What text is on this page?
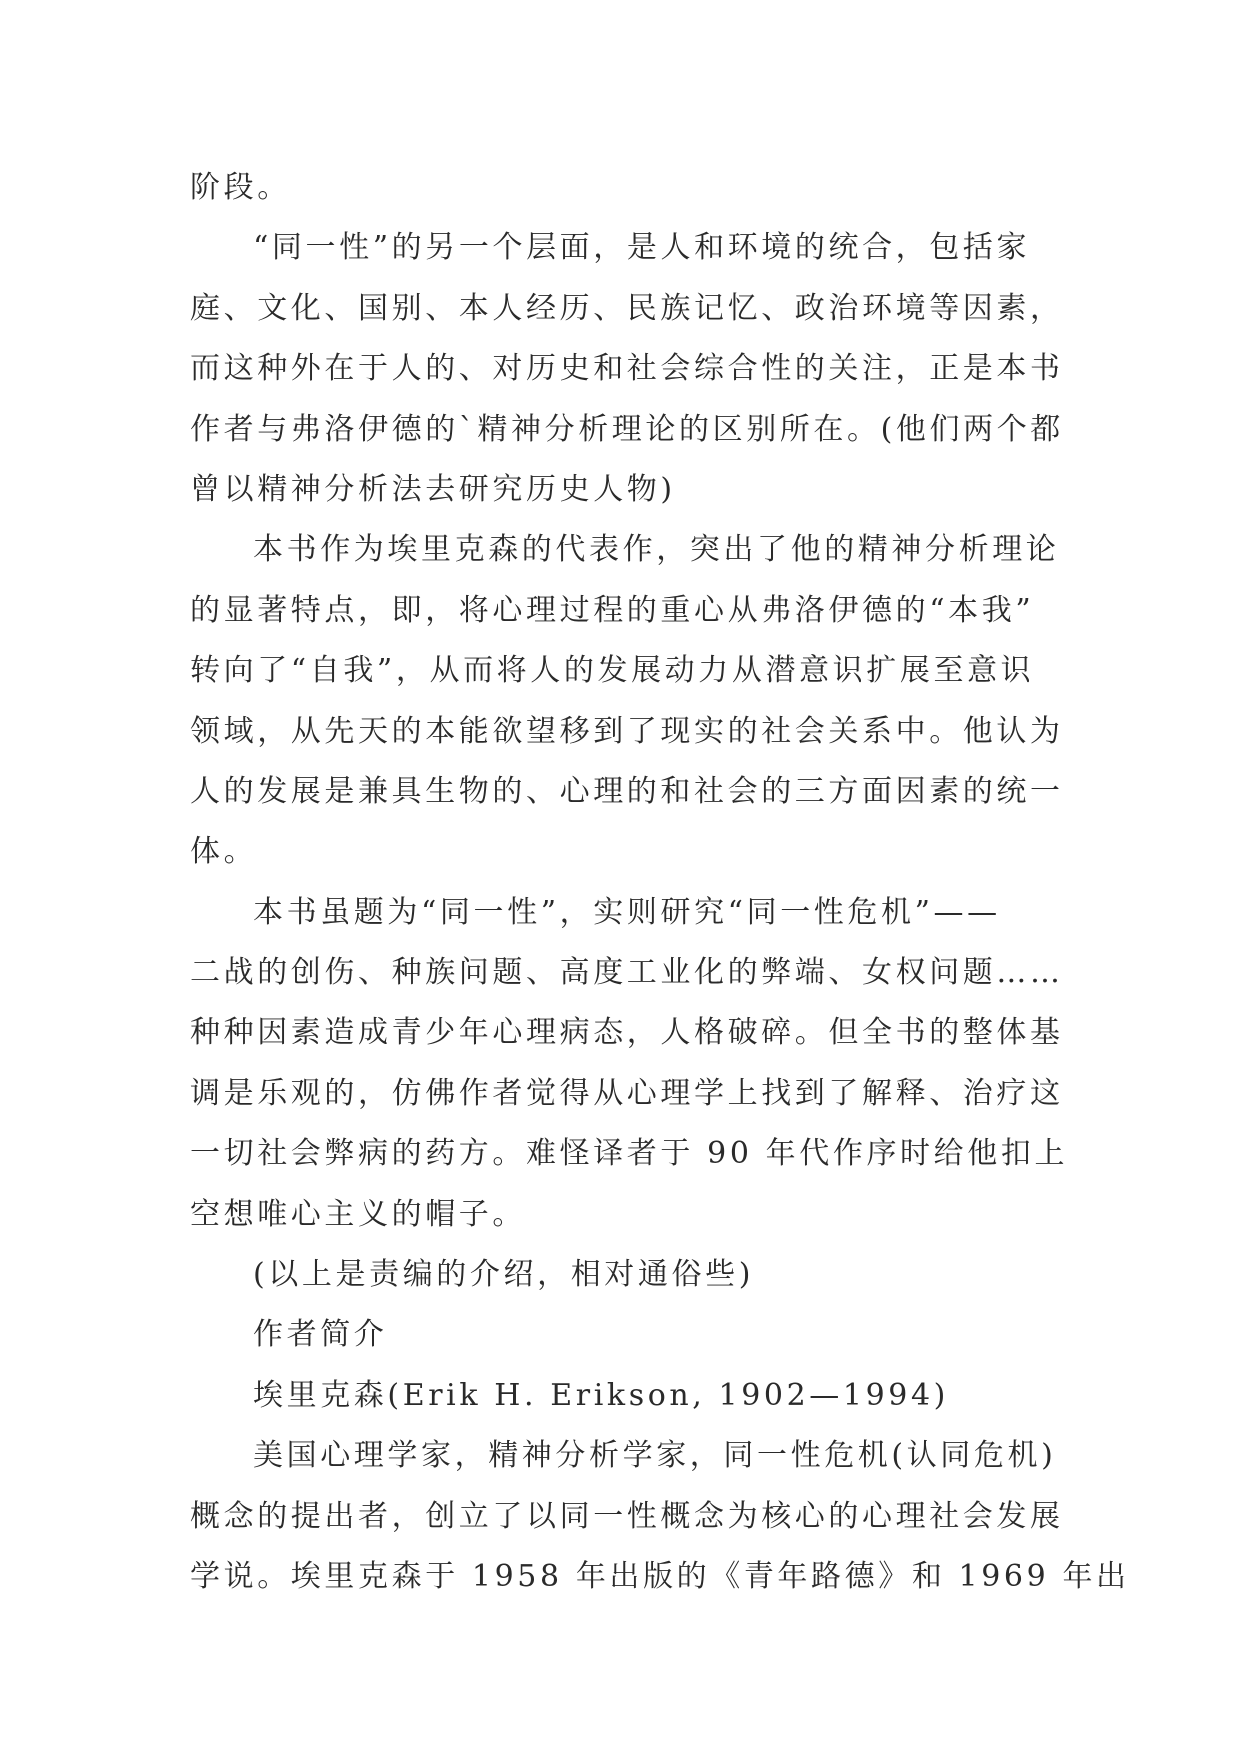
阶段。
“同一性”的另一个层面，是人和环境的统合，包括家
庭、文化、国别、本人经历、民族记忆、政治环境等因素，
而这种外在于人的、对历史和社会综合性的关注，正是本书
作者与弗洛伊德的`精神分析理论的区别所在。(他们两个都
曾以精神分析法去研究历史人物)
本书作为埃里克森的代表作，突出了他的精神分析理论
的显著特点，即，将心理过程的重心从弗洛伊德的“本我”
转向了“自我”，从而将人的发展动力从潜意识扩展至意识
领域，从先天的本能欲望移到了现实的社会关系中。他认为
人的发展是兼具生物的、心理的和社会的三方面因素的统一
体。
本书虽题为“同一性”，实则研究“同一性危机”——
二战的创伤、种族问题、高度工业化的弊端、女权问题……
种种因素造成青少年心理病态，人格破碎。但全书的整体基
调是乐观的，仿佛作者觉得从心理学上找到了解释、治疗这
一切社会弊病的药方。难怪译者于 90 年代作序时给他扣上
空想唯心主义的帽子。
(以上是责编的介绍，相对通俗些)
作者简介
埃里克森(Erik H. Erikson, 1902—1994)
美国心理学家，精神分析学家，同一性危机(认同危机)
概念的提出者，创立了以同一性概念为核心的心理社会发展
学说。埃里克森于 1958 年出版的《青年路德》和 1969 年出
